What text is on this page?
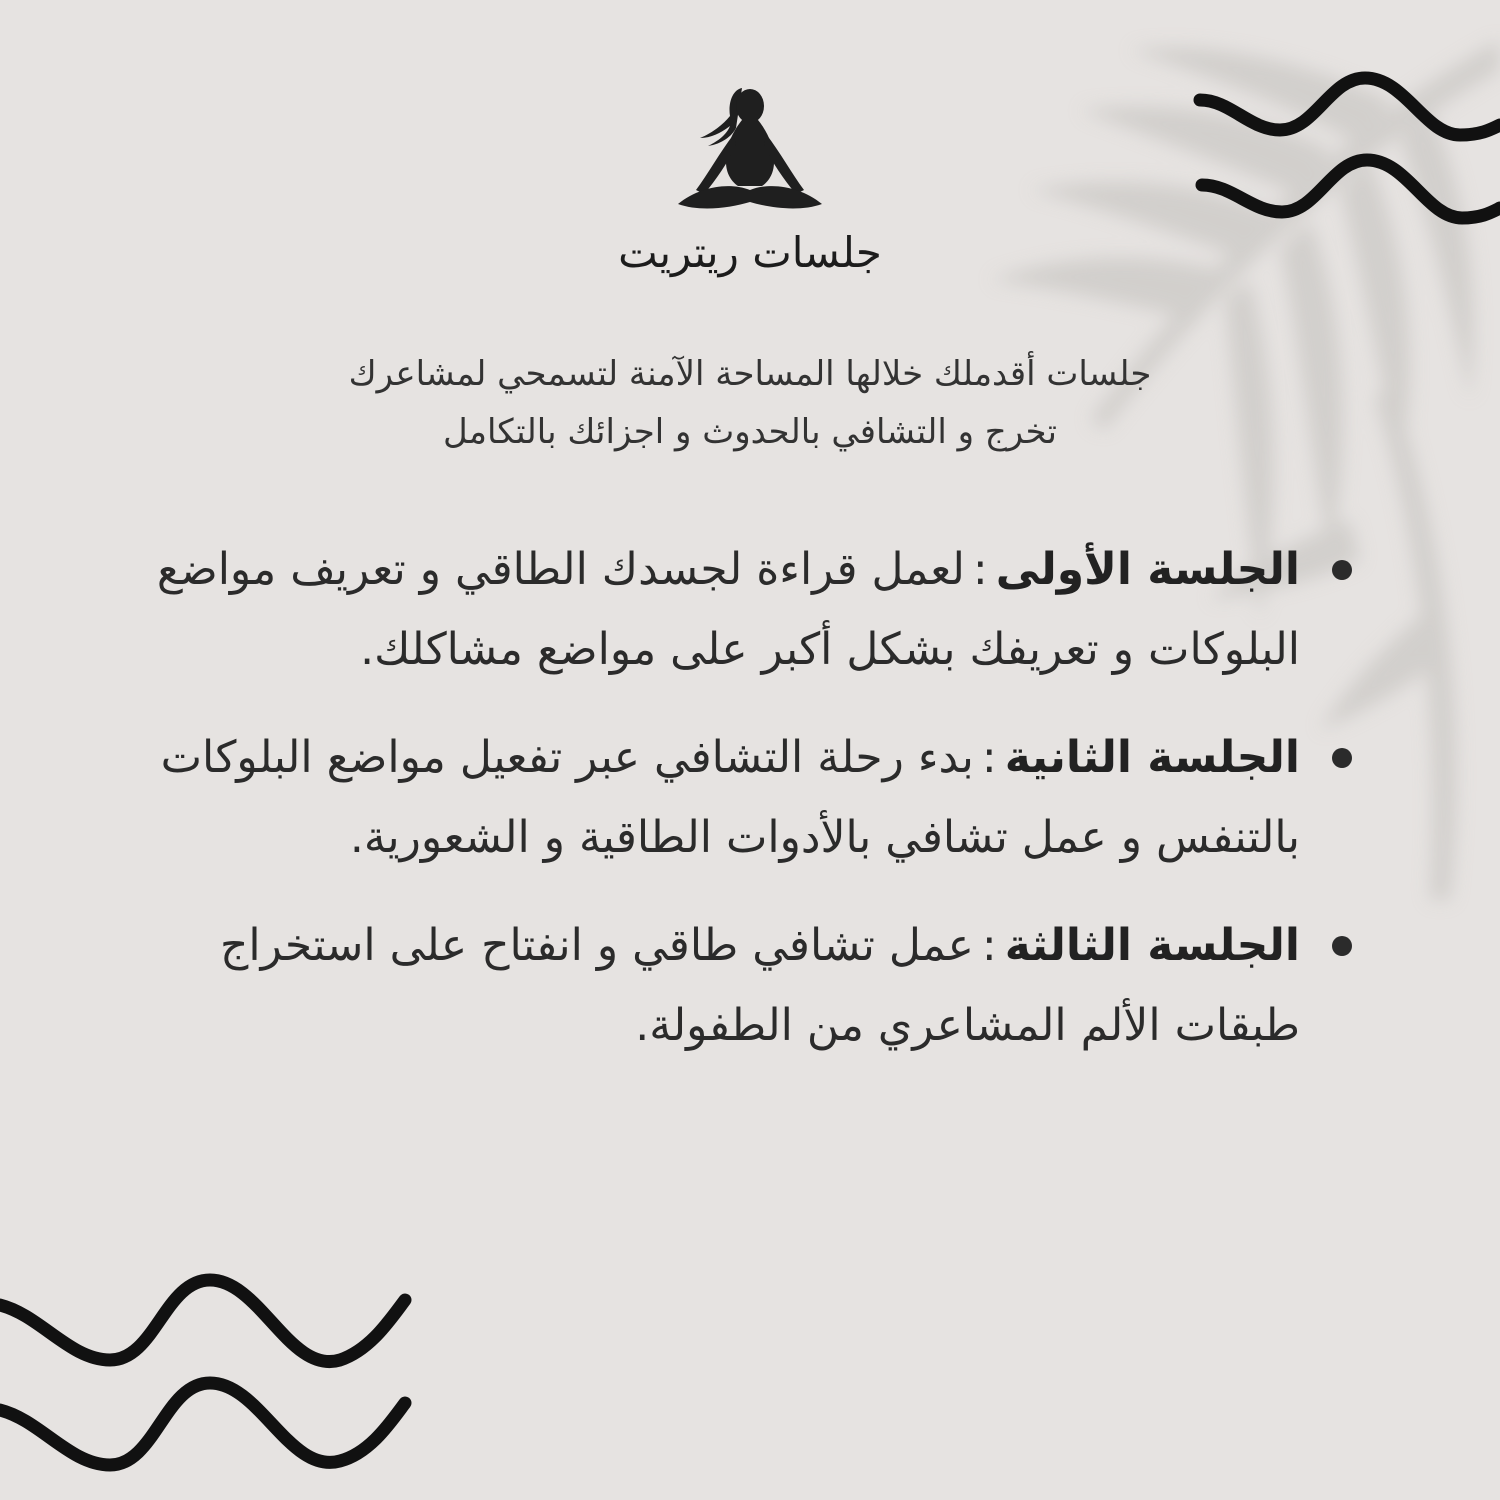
جلسات ريتريت
جلسات أقدملك خلالها المساحة الآمنة لتسمحي لمشاعرك
تخرج و التشافي بالحدوث و اجزائك بالتكامل
الجلسة الأولى:لعمل قراءة لجسدك الطاقي و تعريف مواضع البلوكات و تعريفك بشكل أكبر على مواضع مشاكلك.
الجلسة الثانية:بدء رحلة التشافي عبر تفعيل مواضع البلوكات بالتنفس و عمل تشافي بالأدوات الطاقية و الشعورية.
الجلسة الثالثة:عمل تشافي طاقي و انفتاح على استخراج طبقات الألم المشاعري من الطفولة.
